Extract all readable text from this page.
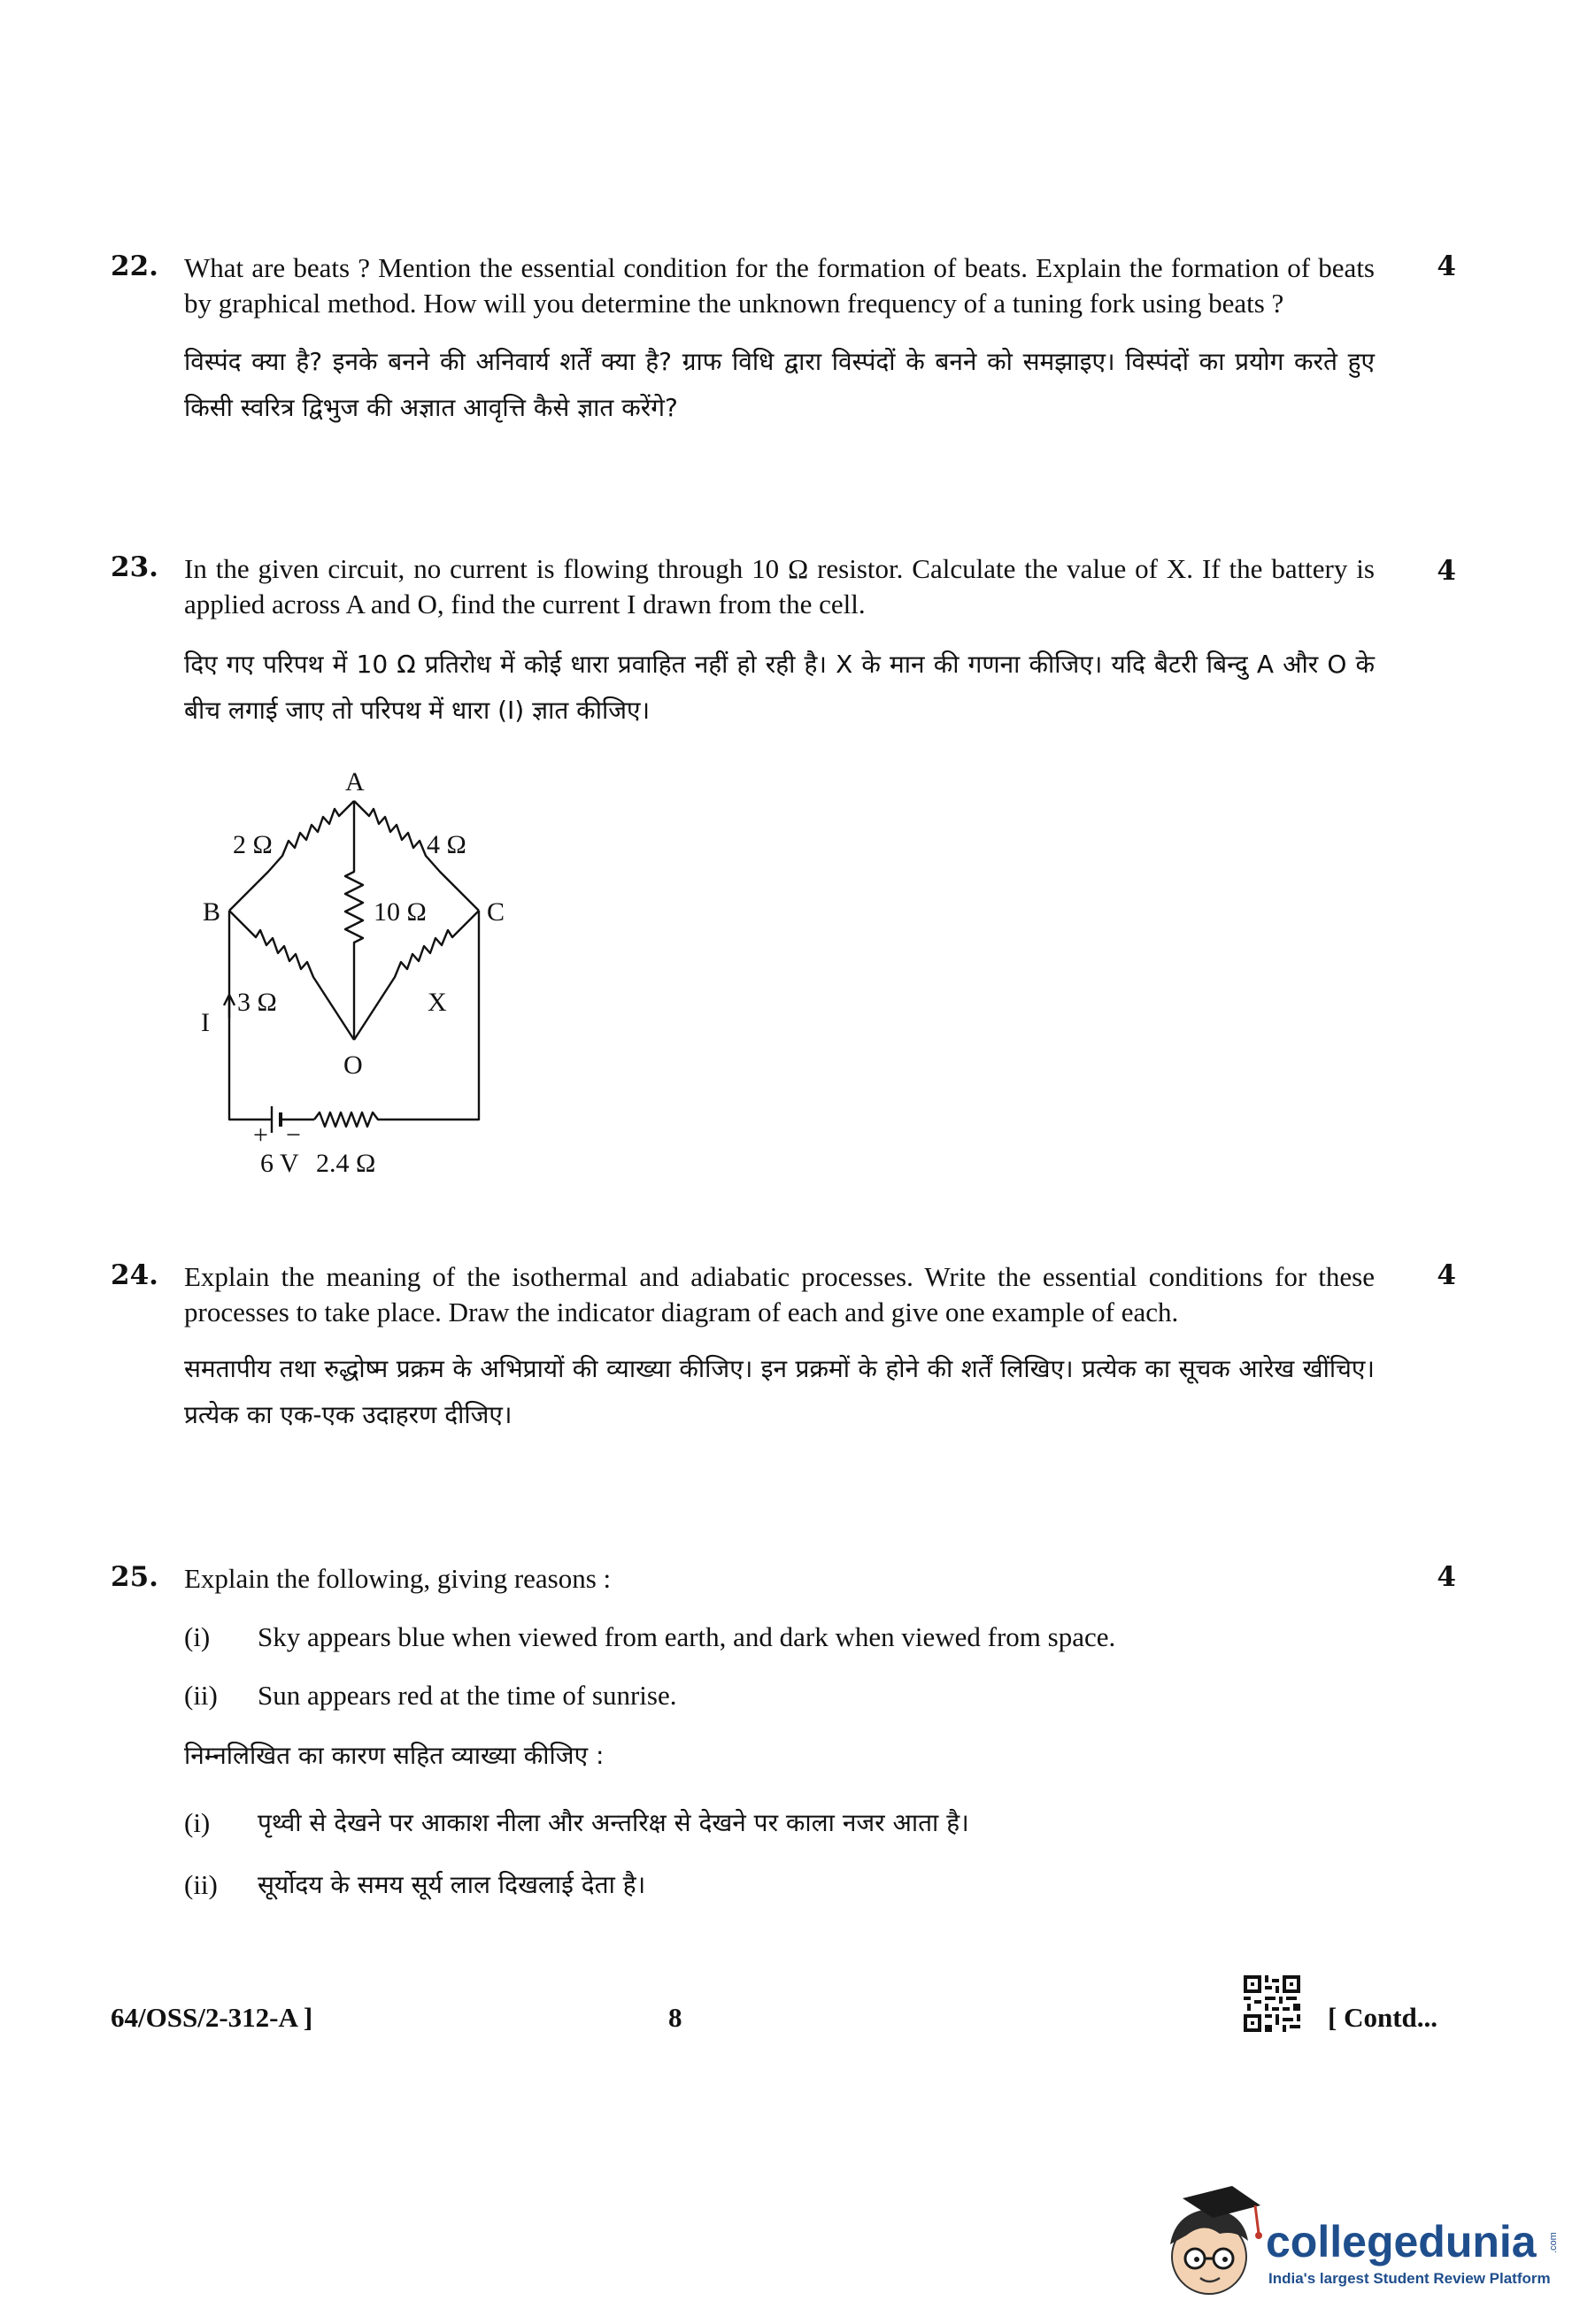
22.	4

What are beats ? Mention the essential condition for the formation of beats. Explain the formation of beats by graphical method. How will you determine the unknown frequency of a tuning fork using beats ?

विस्पंद क्या है? इनके बनने की अनिवार्य शर्तें क्या है? ग्राफ विधि द्वारा विस्पंदों के बनने को समझाइए। विस्पंदों का प्रयोग करते हुए किसी स्वरित्र द्विभुज की अज्ञात आवृत्ति कैसे ज्ञात करेंगे?

23.	4

In the given circuit, no current is flowing through 10 Ω resistor. Calculate the value of X. If the battery is applied across A and O, find the current I drawn from the cell.

दिए गए परिपथ में 10 Ω प्रतिरोध में कोई धारा प्रवाहित नहीं हो रही है। X के मान की गणना कीजिए। यदि बैटरी बिन्दु A और O के बीच लगाई जाए तो परिपथ में धारा (I) ज्ञात कीजिए।

A
B	C
O
2 Ω	4 Ω
10 Ω
3 Ω	X
I
+ −
6 V 2.4 Ω
24.	4

Explain the meaning of the isothermal and adiabatic processes. Write the essential conditions for these processes to take place. Draw the indicator diagram of each and give one example of each.

समतापीय तथा रुद्धोष्म प्रक्रम के अभिप्रायों की व्याख्या कीजिए। इन प्रक्रमों के होने की शर्तें लिखिए। प्रत्येक का सूचक आरेख खींचिए। प्रत्येक का एक-एक उदाहरण दीजिए।

25.	4

Explain the following, giving reasons :

(i)	Sky appears blue when viewed from earth, and dark when viewed from space.
(ii)	Sun appears red at the time of sunrise.

निम्नलिखित का कारण सहित व्याख्या कीजिए :

(i)	पृथ्वी से देखने पर आकाश नीला और अन्तरिक्ष से देखने पर काला नजर आता है।
(ii)	सूर्योदय के समय सूर्य लाल दिखलाई देता है।
64/OSS/2-312-A ]	8	[ Contd...
collegedunia .com
India's largest Student Review Platform
